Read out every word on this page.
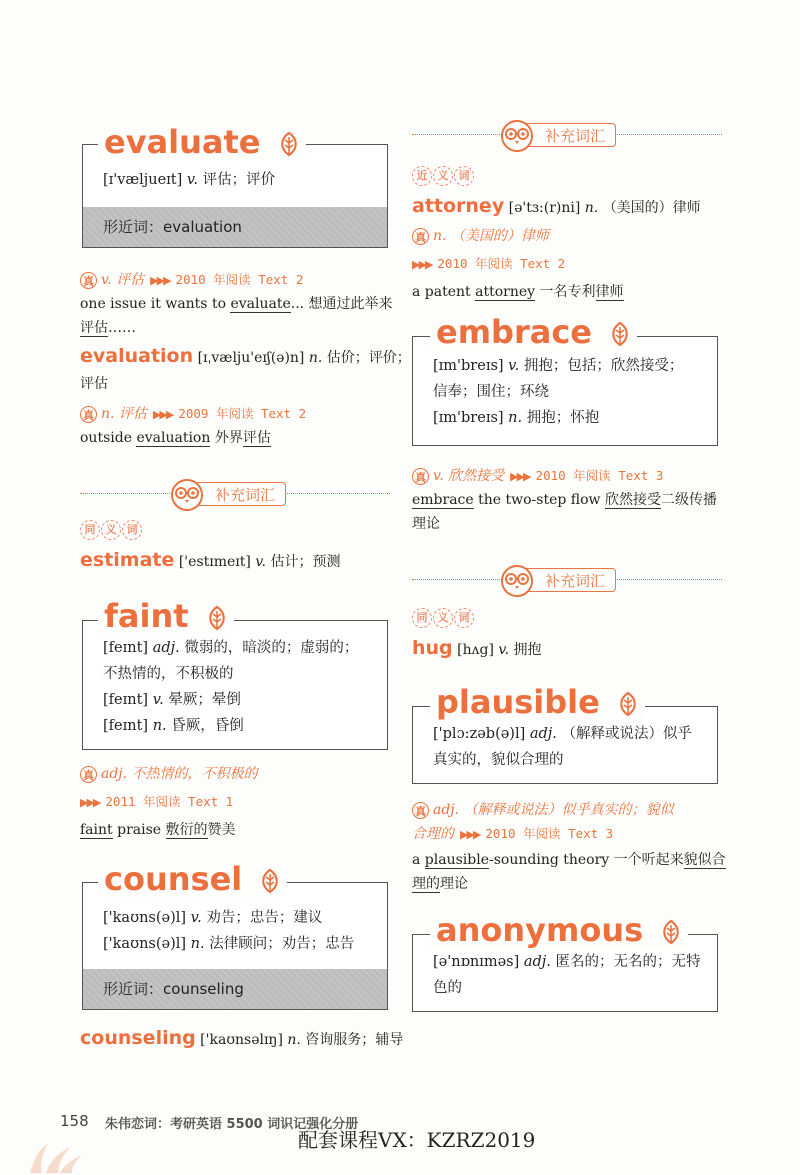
[ɪ'væljueɪt] v. 评估；评价
形近词：evaluation
evaluate
真 v. 评估 ▶▶▶ 2010 年阅读 Text 2
one issue it wants to evaluate... 想通过此举来
评估……
evaluation [ɪˌvælju'eɪʃ(ə)n] n. 估价；评价；
评估
真 n. 评估 ▶▶▶ 2009 年阅读 Text 2
outside evaluation 外界评估
补充词汇
同 义 词
estimate ['estɪmeɪt] v. 估计；预测
[feɪnt] adj. 微弱的，暗淡的；虚弱的；
不热情的，不积极的
[feɪnt] v. 晕厥；晕倒
[feɪnt] n. 昏厥，昏倒
faint
真 adj. 不热情的，不积极的
▶▶▶ 2011 年阅读 Text 1
faint praise 敷衍的赞美
['kaʊns(ə)l] v. 劝告；忠告；建议
['kaʊns(ə)l] n. 法律顾问；劝告；忠告
形近词：counseling
counsel
counseling ['kaʊnsəlɪŋ] n. 咨询服务；辅导
补充词汇
近 义 词
attorney [ə'tɜ:(r)ni] n. （美国的）律师
真 n. （美国的）律师
▶▶▶ 2010 年阅读 Text 2
a patent attorney 一名专利律师
[ɪm'breɪs] v. 拥抱；包括；欣然接受；
信奉；围住；环绕
[ɪm'breɪs] n. 拥抱；怀抱
embrace
真 v. 欣然接受 ▶▶▶ 2010 年阅读 Text 3
embrace the two-step flow 欣然接受二级传播
理论
补充词汇
同 义 词
hug [hʌg] v. 拥抱
['plɔ:zəb(ə)l] adj. （解释或说法）似乎
真实的，貌似合理的
plausible
真 adj. （解释或说法）似乎真实的；貌似
合理的 ▶▶▶ 2010 年阅读 Text 3
a plausible-sounding theory 一个听起来貌似合
理的理论
[ə'nɒnɪməs] adj. 匿名的；无名的；无特
色的
anonymous
158 朱伟恋词：考研英语 5500 词识记强化分册
配套课程VX：KZRZ2019
